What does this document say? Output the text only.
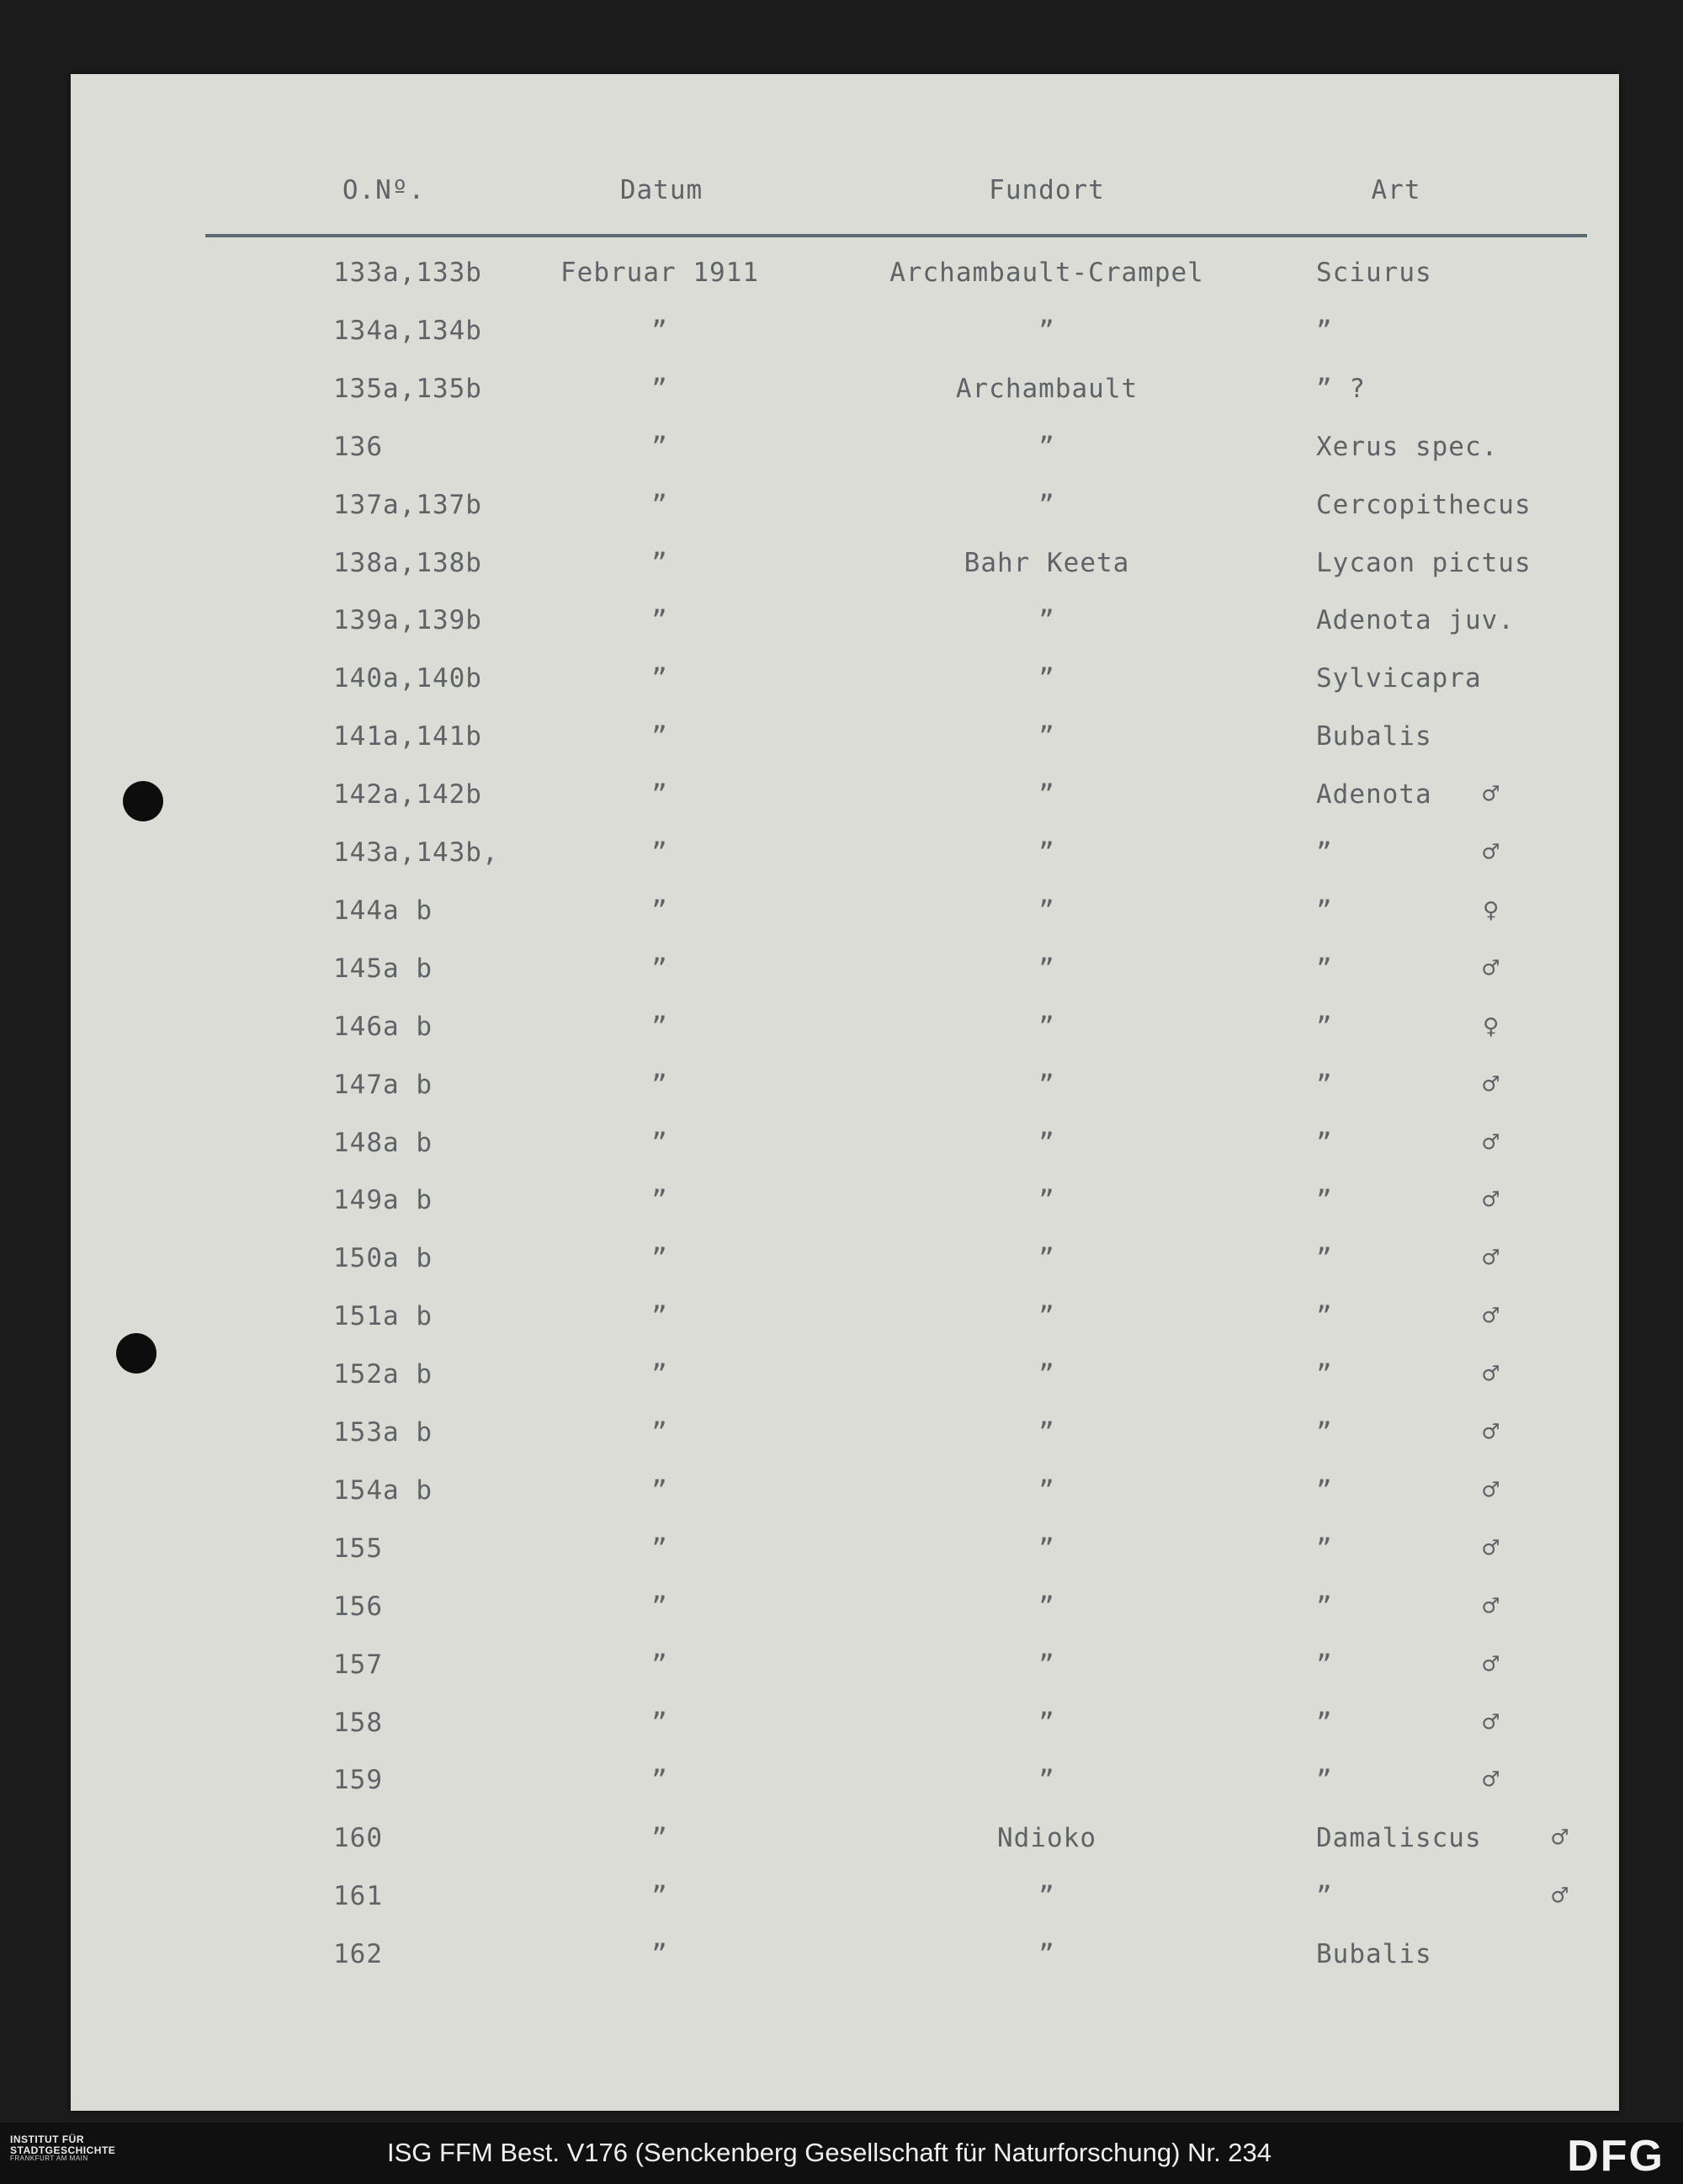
O.Nº.	Datum	Fundort	Art
133a,133b	Februar 1911	Archambault-Crampel	Sciurus
134a,134b	”	”	”
135a,135b	”	Archambault	” ?
136	”	”	Xerus spec.
137a,137b	”	”	Cercopithecus
138a,138b	”	Bahr Keeta	Lycaon pictus
139a,139b	”	”	Adenota juv.
140a,140b	”	”	Sylvicapra
141a,141b	”	”	Bubalis
142a,142b	”	”	Adenota ♂
143a,143b,	”	”	”	♂
144a b	”	”	”	♀
145a b	”	”	”	♂
146a b	”	”	”	♀
147a b	”	”	”	♂
148a b	”	”	”	♂
149a b	”	”	”	♂
150a b	”	”	”	♂
151a b	”	”	”	♂
152a b	”	”	”	♂
153a b	”	”	”	♂
154a b	”	”	”	♂
155	”	”	”	♂
156	”	”	”	♂
157	”	”	”	♂
158	”	”	”	♂
159	”	”	”	♂
160	”	Ndioko	Damaliscus	♂
161	”	”	”	♂
162	”	”	Bubalis
INSTITUT FÜR
STADTGESCHICHTE
FRANKFURT AM MAIN	ISG FFM Best. V176 (Senckenberg Gesellschaft für Naturforschung) Nr. 234	DFG
